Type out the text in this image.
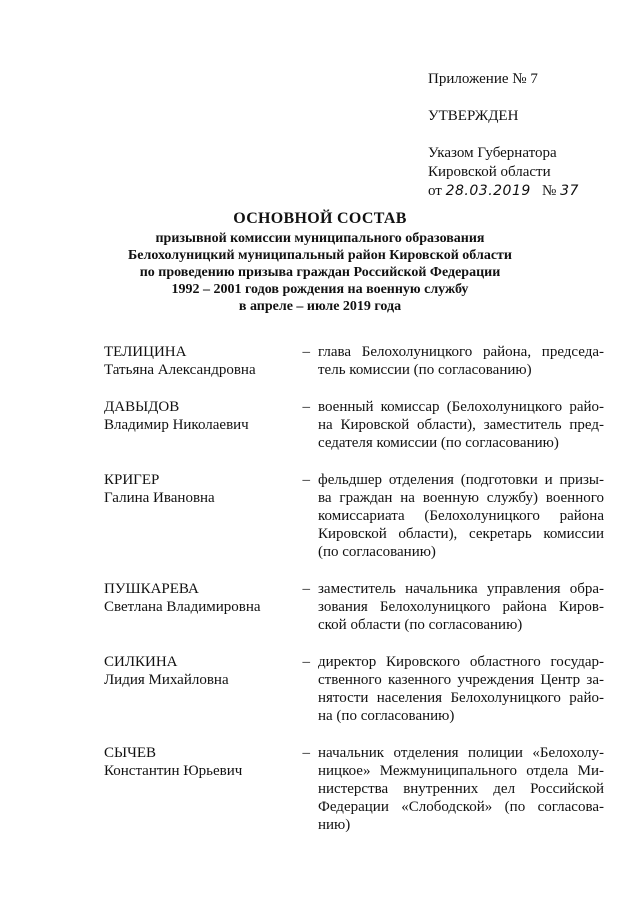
Приложение № 7
УТВЕРЖДЕН
Указом Губернатора
Кировской области
от 28.03.2019 № 37
ОСНОВНОЙ СОСТАВ
призывной комиссии муниципального образования
Белохолуницкий муниципальный район Кировской области
по проведению призыва граждан Российской Федерации
1992 – 2001 годов рождения на военную службу
в апреле – июле 2019 года
ТЕЛИЦИНА
Татьяна Александровна
– глава Белохолуницкого района, председа-
тель комиссии (по согласованию)
ДАВЫДОВ
Владимир Николаевич
– военный комиссар (Белохолуницкого райо-
на Кировской области), заместитель пред-
седателя комиссии (по согласованию)
КРИГЕР
Галина Ивановна
– фельдшер отделения (подготовки и призы-
ва граждан на военную службу) военного
комиссариата (Белохолуницкого района
Кировской области), секретарь комиссии
(по согласованию)
ПУШКАРЕВА
Светлана Владимировна
– заместитель начальника управления обра-
зования Белохолуницкого района Киров-
ской области (по согласованию)
СИЛКИНА
Лидия Михайловна
– директор Кировского областного государ-
ственного казенного учреждения Центр за-
нятости населения Белохолуницкого райо-
на (по согласованию)
СЫЧЕВ
Константин Юрьевич
– начальник отделения полиции «Белохолу-
ницкое» Межмуниципального отдела Ми-
нистерства внутренних дел Российской
Федерации «Слободской» (по согласова-
нию)
